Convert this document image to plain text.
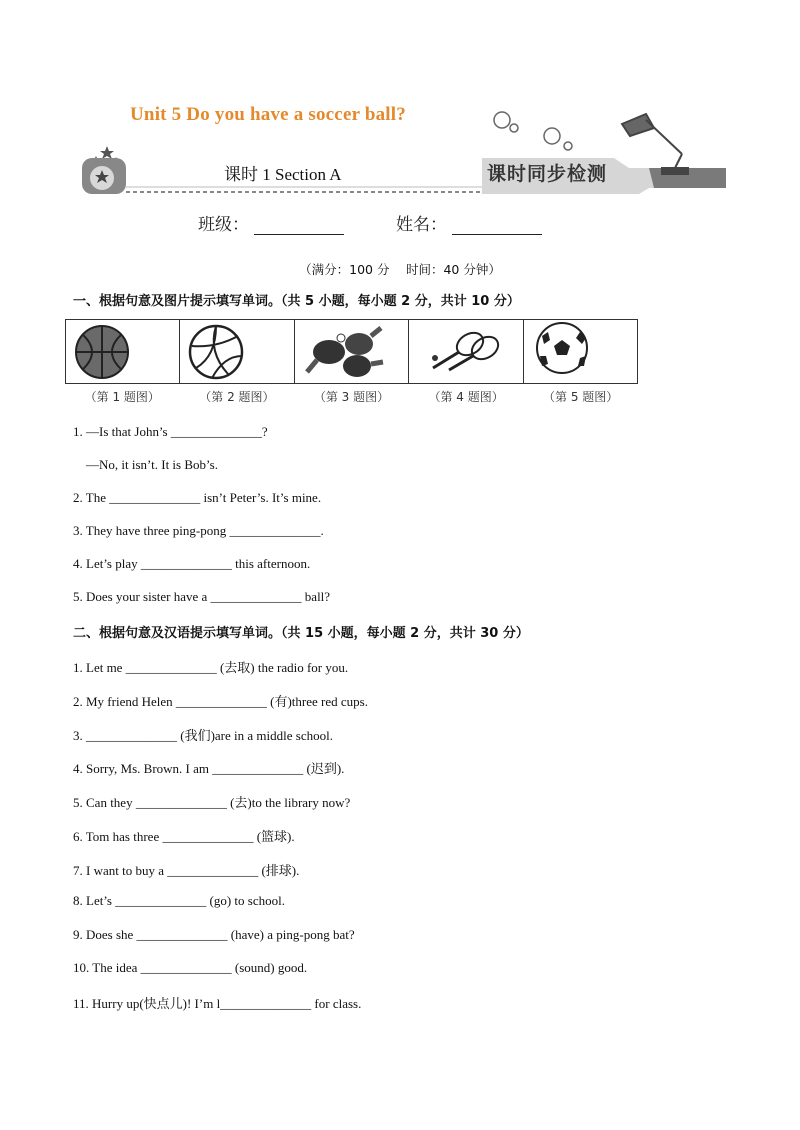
Unit 5 Do you have a soccer ball?
课时 1 Section A	课时同步检测
班级：	姓名：
（满分：100 分　 时间：40 分钟）
一、根据句意及图片提示填写单词。（共 5 小题，每小题 2 分，共计 10 分）
（第 1 题图）	（第 2 题图）	（第 3 题图）	（第 4 题图）	（第 5 题图）
1. —Is that John’s ______________?
—No, it isn’t. It is Bob’s.
2. The ______________ isn’t Peter’s. It’s mine.
3. They have three ping-pong ______________.
4. Let’s play ______________ this afternoon.
5. Does your sister have a ______________ ball?
二、根据句意及汉语提示填写单词。（共 15 小题，每小题 2 分，共计 30 分）
1. Let me ______________ (去取) the radio for you.
2. My friend Helen ______________ (有)three red cups.
3. ______________ (我们)are in a middle school.
4. Sorry, Ms. Brown. I am ______________ (迟到).
5. Can they ______________ (去)to the library now?
6. Tom has three ______________ (篮球).
7. I want to buy a ______________ (排球).
8. Let’s ______________ (go) to school.
9. Does she ______________ (have) a ping-pong bat?
10. The idea ______________ (sound) good.
11. Hurry up(快点儿)! I’m l______________ for class.
